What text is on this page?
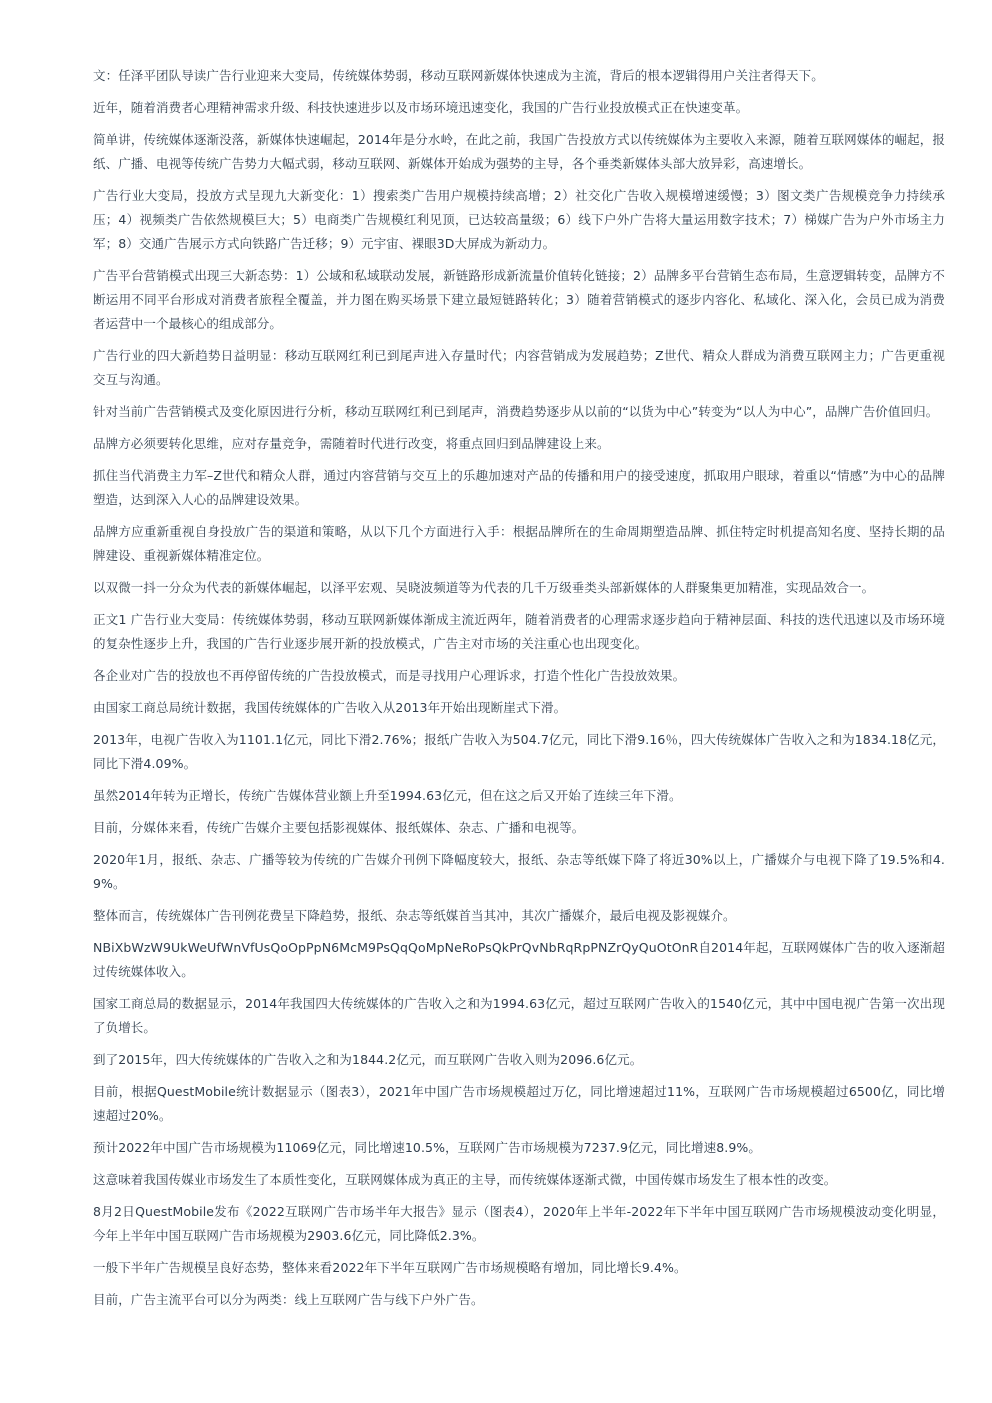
文：任泽平团队导读广告行业迎来大变局，传统媒体势弱，移动互联网新媒体快速成为主流，背后的根本逻辑得用户关注者得天下。

近年，随着消费者心理精神需求升级、科技快速进步以及市场环境迅速变化，我国的广告行业投放模式正在快速变革。

简单讲，传统媒体逐渐没落，新媒体快速崛起，2014年是分水岭，在此之前，我国广告投放方式以传统媒体为主要收入来源，随着互联网媒体的崛起，报纸、广播、电视等传统广告势力大幅式弱，移动互联网、新媒体开始成为强势的主导，各个垂类新媒体头部大放异彩，高速增长。

广告行业大变局，投放方式呈现九大新变化：1）搜索类广告用户规模持续高增；2）社交化广告收入规模增速缓慢；3）图文类广告规模竞争力持续承压；4）视频类广告依然规模巨大；5）电商类广告规模红利见顶，已达较高量级；6）线下户外广告将大量运用数字技术；7）梯媒广告为户外市场主力军；8）交通广告展示方式向铁路广告迁移；9）元宇宙、裸眼3D大屏成为新动力。

广告平台营销模式出现三大新态势：1）公域和私域联动发展，新链路形成新流量价值转化链接；2）品牌多平台营销生态布局，生意逻辑转变，品牌方不断运用不同平台形成对消费者旅程全覆盖，并力图在购买场景下建立最短链路转化；3）随着营销模式的逐步内容化、私域化、深入化，会员已成为消费者运营中一个最核心的组成部分。

广告行业的四大新趋势日益明显：移动互联网红利已到尾声进入存量时代；内容营销成为发展趋势；Z世代、精众人群成为消费互联网主力；广告更重视交互与沟通。

针对当前广告营销模式及变化原因进行分析，移动互联网红利已到尾声，消费趋势逐步从以前的“以货为中心”转变为“以人为中心”，品牌广告价值回归。

品牌方必须要转化思维，应对存量竞争，需随着时代进行改变，将重点回归到品牌建设上来。

抓住当代消费主力军–Z世代和精众人群，通过内容营销与交互上的乐趣加速对产品的传播和用户的接受速度，抓取用户眼球，着重以“情感”为中心的品牌塑造，达到深入人心的品牌建设效果。

品牌方应重新重视自身投放广告的渠道和策略，从以下几个方面进行入手：根据品牌所在的生命周期塑造品牌、抓住特定时机提高知名度、坚持长期的品牌建设、重视新媒体精准定位。

以双微一抖一分众为代表的新媒体崛起，以泽平宏观、吴晓波频道等为代表的几千万级垂类头部新媒体的人群聚集更加精准，实现品效合一。

正文1 广告行业大变局：传统媒体势弱，移动互联网新媒体渐成主流近两年，随着消费者的心理需求逐步趋向于精神层面、科技的迭代迅速以及市场环境的复杂性逐步上升，我国的广告行业逐步展开新的投放模式，广告主对市场的关注重心也出现变化。

各企业对广告的投放也不再停留传统的广告投放模式，而是寻找用户心理诉求，打造个性化广告投放效果。

由国家工商总局统计数据，我国传统媒体的广告收入从2013年开始出现断崖式下滑。

2013年，电视广告收入为1101.1亿元，同比下滑2.76%；报纸广告收入为504.7亿元，同比下滑9.16％，四大传统媒体广告收入之和为1834.18亿元，同比下滑4.09%。

虽然2014年转为正增长，传统广告媒体营业额上升至1994.63亿元，但在这之后又开始了连续三年下滑。

目前，分媒体来看，传统广告媒介主要包括影视媒体、报纸媒体、杂志、广播和电视等。

2020年1月，报纸、杂志、广播等较为传统的广告媒介刊例下降幅度较大，报纸、杂志等纸媒下降了将近30%以上，广播媒介与电视下降了19.5%和4.9%。

整体而言，传统媒体广告刊例花费呈下降趋势，报纸、杂志等纸媒首当其冲，其次广播媒介，最后电视及影视媒介。

NBiXbWzW9UkWeUfWnVfUsQoOpPpN6McM9PsQqQoMpNeRoPsQkPrQvNbRqRpPNZrQyQuOtOnR自2014年起，互联网媒体广告的收入逐渐超过传统媒体收入。

国家工商总局的数据显示，2014年我国四大传统媒体的广告收入之和为1994.63亿元，超过互联网广告收入的1540亿元，其中中国电视广告第一次出现了负增长。

到了2015年，四大传统媒体的广告收入之和为1844.2亿元，而互联网广告收入则为2096.6亿元。

目前，根据QuestMobile统计数据显示（图表3），2021年中国广告市场规模超过万亿，同比增速超过11%，互联网广告市场规模超过6500亿，同比增速超过20%。

预计2022年中国广告市场规模为11069亿元，同比增速10.5%，互联网广告市场规模为7237.9亿元，同比增速8.9%。

这意味着我国传媒业市场发生了本质性变化，互联网媒体成为真正的主导，而传统媒体逐渐式微，中国传媒市场发生了根本性的改变。

8月2日QuestMobile发布《2022互联网广告市场半年大报告》显示（图表4），2020年上半年-2022年下半年中国互联网广告市场规模波动变化明显，今年上半年中国互联网广告市场规模为2903.6亿元，同比降低2.3%。

一般下半年广告规模呈良好态势，整体来看2022年下半年互联网广告市场规模略有增加，同比增长9.4%。

目前，广告主流平台可以分为两类：线上互联网广告与线下户外广告。
